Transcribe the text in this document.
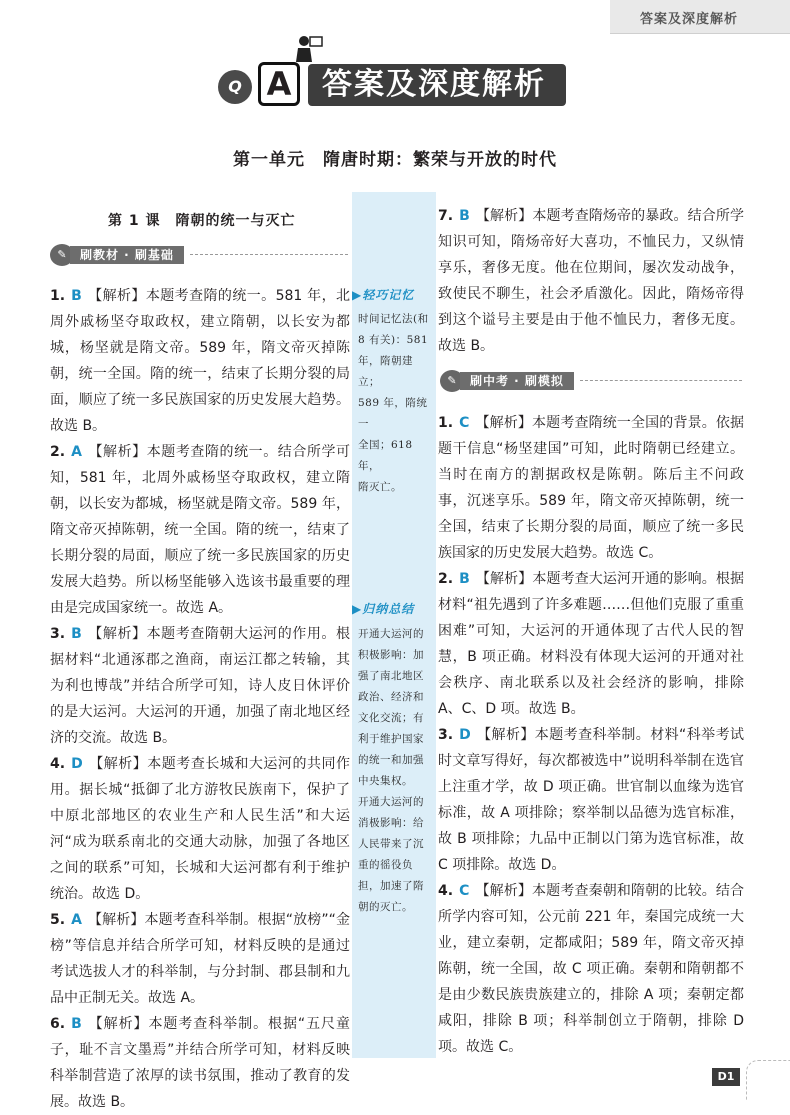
答案及深度解析
Q A	答案及深度解析
第一单元　隋唐时期：繁荣与开放的时代
第 1 课　隋朝的统一与灭亡
✎	刷教材 · 刷基础
✎	刷中考 · 刷模拟
▶轻巧记忆
时间记忆法(和
8 有关)：581
年，隋朝建立；
589 年，隋统一
全国；618 年，
隋灭亡。
▶归纳总结
开通大运河的
积极影响：加
强了南北地区
政治、经济和
文化交流；有
利于维护国家
的统一和加强
中央集权。
开通大运河的
消极影响：给
人民带来了沉
重的徭役负
担，加速了隋
朝的灭亡。
1. B 【解析】本题考查隋的统一。581 年，北周外戚杨坚夺取政权，建立隋朝，以长安为都城，杨坚就是隋文帝。589 年，隋文帝灭掉陈朝，统一全国。隋的统一，结束了长期分裂的局面，顺应了统一多民族国家的历史发展大趋势。故选 B。
2. A 【解析】本题考查隋的统一。结合所学可知，581 年，北周外戚杨坚夺取政权，建立隋朝，以长安为都城，杨坚就是隋文帝。589 年，隋文帝灭掉陈朝，统一全国。隋的统一，结束了长期分裂的局面，顺应了统一多民族国家的历史发展大趋势。所以杨坚能够入选该书最重要的理由是完成国家统一。故选 A。
3. B 【解析】本题考查隋朝大运河的作用。根据材料“北通涿郡之渔商，南运江都之转输，其为利也博哉”并结合所学可知，诗人皮日休评价的是大运河。大运河的开通，加强了南北地区经济的交流。故选 B。
4. D 【解析】本题考查长城和大运河的共同作用。据长城“抵御了北方游牧民族南下，保护了中原北部地区的农业生产和人民生活”和大运河“成为联系南北的交通大动脉，加强了各地区之间的联系”可知，长城和大运河都有利于维护统治。故选 D。
5. A 【解析】本题考查科举制。根据“放榜”“金榜”等信息并结合所学可知，材料反映的是通过考试选拔人才的科举制，与分封制、郡县制和九品中正制无关。故选 A。
6. B 【解析】本题考查科举制。根据“五尺童子，耻不言文墨焉”并结合所学可知，材料反映科举制营造了浓厚的读书氛围，推动了教育的发展。故选 B。
7. B 【解析】本题考查隋炀帝的暴政。结合所学知识可知，隋炀帝好大喜功，不恤民力，又纵情享乐，奢侈无度。他在位期间，屡次发动战争，致使民不聊生，社会矛盾激化。因此，隋炀帝得到这个谥号主要是由于他不恤民力，奢侈无度。故选 B。
1. C 【解析】本题考查隋统一全国的背景。依据题干信息“杨坚建国”可知，此时隋朝已经建立。当时在南方的割据政权是陈朝。陈后主不问政事，沉迷享乐。589 年，隋文帝灭掉陈朝，统一全国，结束了长期分裂的局面，顺应了统一多民族国家的历史发展大趋势。故选 C。
2. B 【解析】本题考查大运河开通的影响。根据材料“祖先遇到了许多难题……但他们克服了重重困难”可知，大运河的开通体现了古代人民的智慧，B 项正确。材料没有体现大运河的开通对社会秩序、南北联系以及社会经济的影响，排除 A、C、D 项。故选 B。
3. D 【解析】本题考查科举制。材料“科举考试时文章写得好，每次都被选中”说明科举制在选官上注重才学，故 D 项正确。世官制以血缘为选官标准，故 A 项排除；察举制以品德为选官标准，故 B 项排除；九品中正制以门第为选官标准，故 C 项排除。故选 D。
4. C 【解析】本题考查秦朝和隋朝的比较。结合所学内容可知，公元前 221 年，秦国完成统一大业，建立秦朝，定都咸阳；589 年，隋文帝灭掉陈朝，统一全国，故 C 项正确。秦朝和隋朝都不是由少数民族贵族建立的，排除 A 项；秦朝定都咸阳，排除 B 项；科举制创立于隋朝，排除 D 项。故选 C。
D1
